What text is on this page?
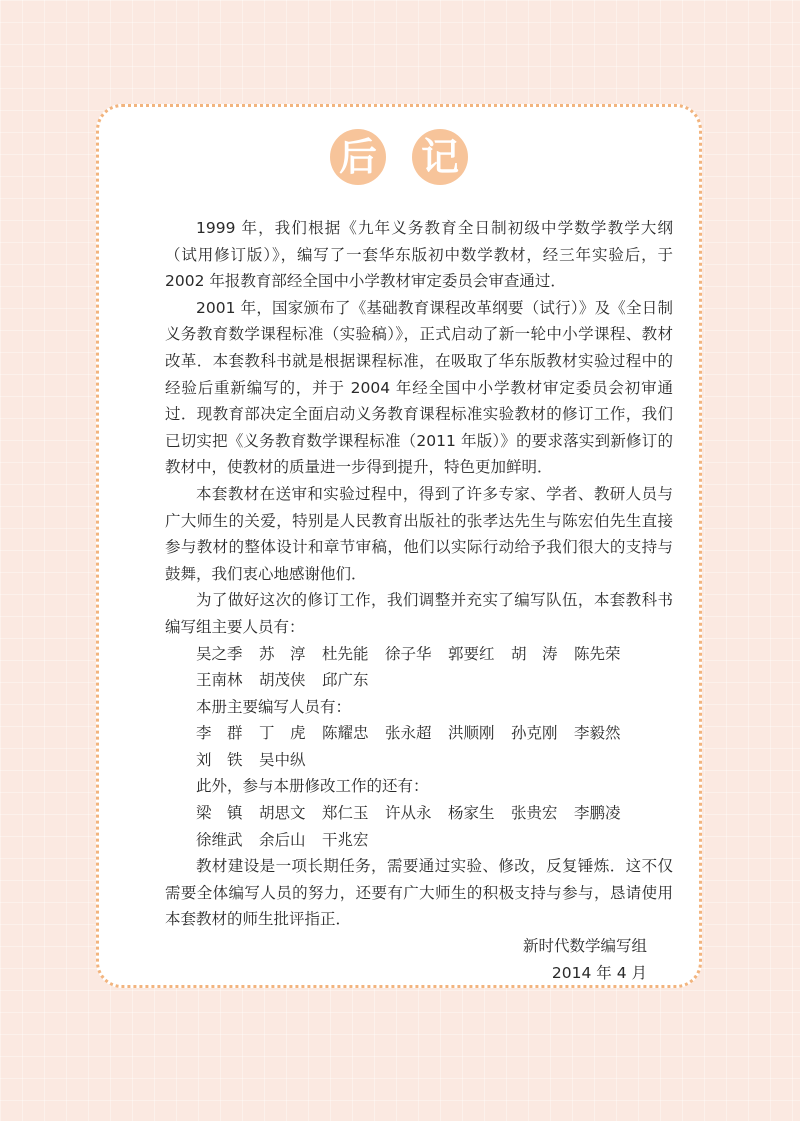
后 记

1999 年，我们根据《九年义务教育全日制初级中学数学教学大纲（试用修订版）》，编写了一套华东版初中数学教材，经三年实验后，于 2002 年报教育部经全国中小学教材审定委员会审查通过．

2001 年，国家颁布了《基础教育课程改革纲要（试行）》及《全日制义务教育数学课程标准（实验稿）》，正式启动了新一轮中小学课程、教材改革．本套教科书就是根据课程标准，在吸取了华东版教材实验过程中的经验后重新编写的，并于 2004 年经全国中小学教材审定委员会初审通过．现教育部决定全面启动义务教育课程标准实验教材的修订工作，我们已切实把《义务教育数学课程标准（2011 年版）》的要求落实到新修订的教材中，使教材的质量进一步得到提升，特色更加鲜明．

本套教材在送审和实验过程中，得到了许多专家、学者、教研人员与广大师生的关爱，特别是人民教育出版社的张孝达先生与陈宏伯先生直接参与教材的整体设计和章节审稿，他们以实际行动给予我们很大的支持与鼓舞，我们衷心地感谢他们．

为了做好这次的修订工作，我们调整并充实了编写队伍，本套教科书编写组主要人员有：

吴之季	苏　淳	杜先能	徐子华	郭要红	胡　涛	陈先荣
王南林	胡茂侠	邱广东

本册主要编写人员有：

李　群	丁　虎	陈耀忠	张永超	洪顺刚	孙克刚	李毅然
刘　铁	吴中纵

此外，参与本册修改工作的还有：

梁　镇	胡思文	郑仁玉	许从永	杨家生	张贵宏	李鹏凌
徐维武	余后山	干兆宏

教材建设是一项长期任务，需要通过实验、修改，反复锤炼．这不仅需要全体编写人员的努力，还要有广大师生的积极支持与参与，恳请使用本套教材的师生批评指正．

新时代数学编写组

2014 年 4 月
